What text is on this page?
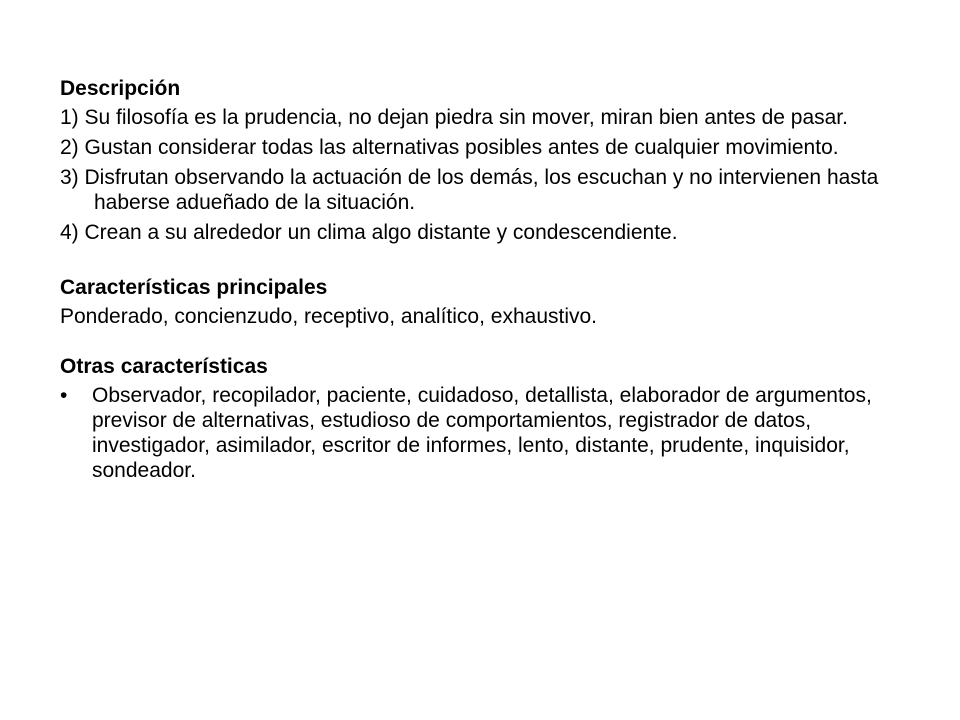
Descripción

1) Su filosofía es la prudencia, no dejan piedra sin mover, miran bien antes de pasar.
2) Gustan considerar todas las alternativas posibles antes de cualquier movimiento.
3) Disfrutan observando la actuación de los demás, los escuchan y no intervienen hasta haberse adueñado de la situación.
4) Crean a su alrededor un clima algo distante y condescendiente.

Características principales

Ponderado, concienzudo, receptivo, analítico, exhaustivo.

Otras características

• Observador, recopilador, paciente, cuidadoso, detallista, elaborador de argumentos, previsor de alternativas, estudioso de comportamientos, registrador de datos, investigador, asimilador, escritor de informes, lento, distante, prudente, inquisidor, sondeador.
